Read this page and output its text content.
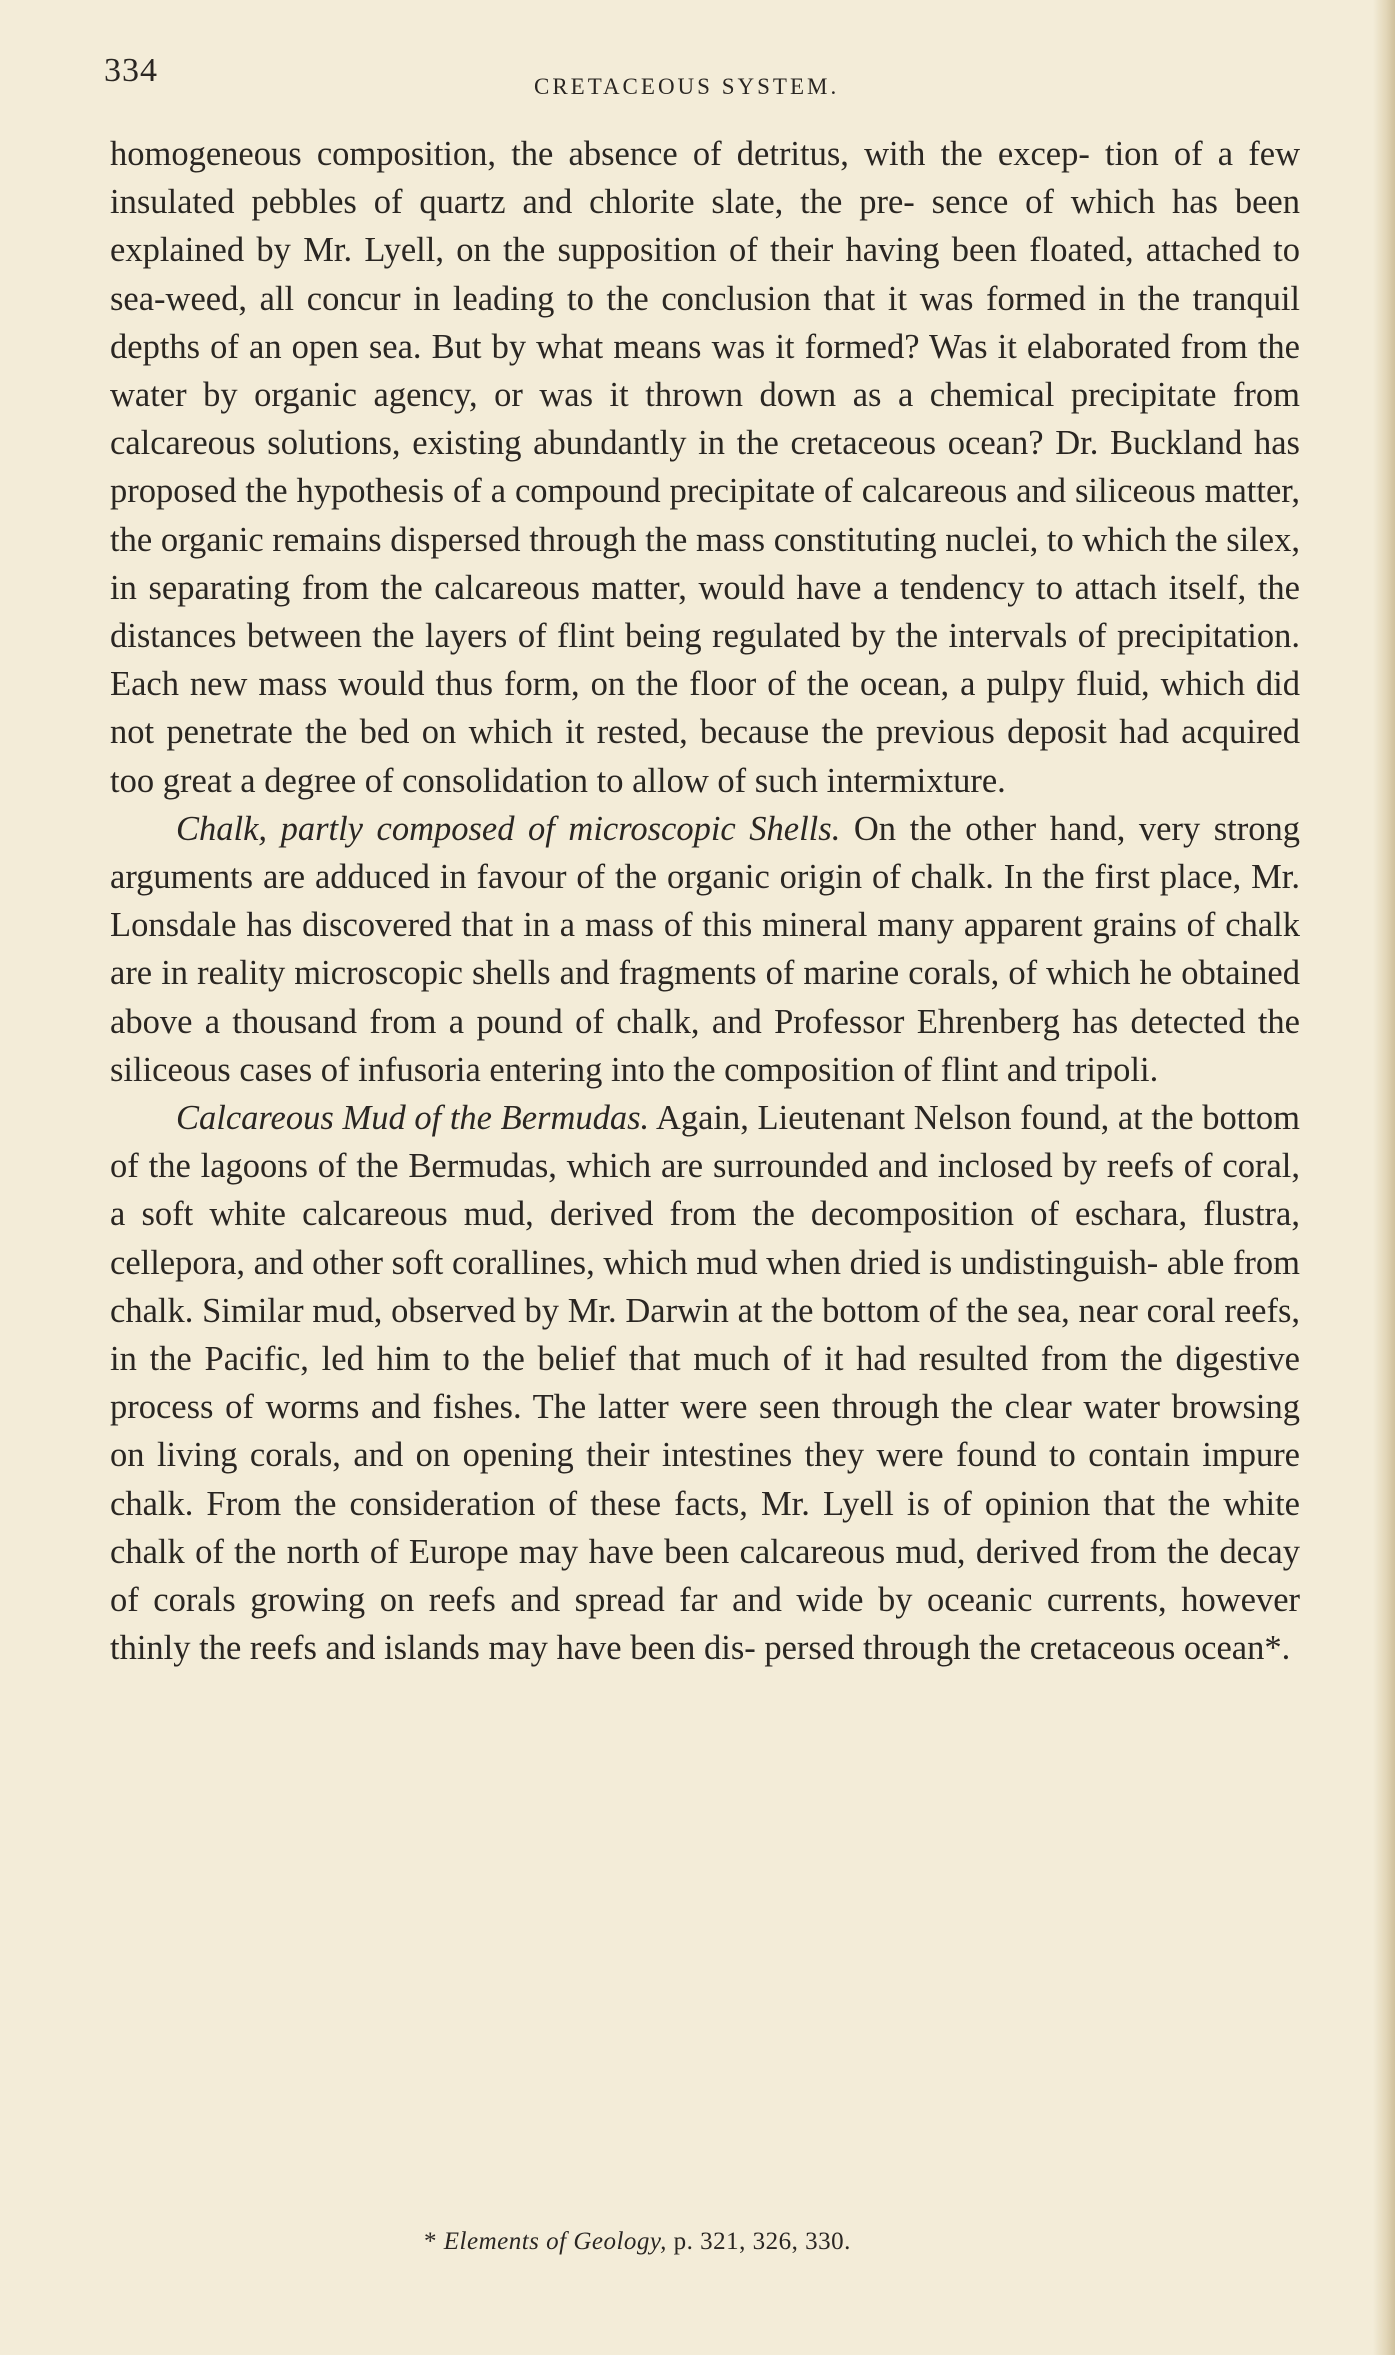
334	CRETACEOUS SYSTEM.

homogeneous composition, the absence of detritus, with the excep- tion of a few insulated pebbles of quartz and chlorite slate, the pre- sence of which has been explained by Mr. Lyell, on the supposition of their having been floated, attached to sea-weed, all concur in leading to the conclusion that it was formed in the tranquil depths of an open sea. But by what means was it formed? Was it elaborated from the water by organic agency, or was it thrown down as a chemical precipitate from calcareous solutions, existing abundantly in the cretaceous ocean? Dr. Buckland has proposed the hypothesis of a compound precipitate of calcareous and siliceous matter, the organic remains dispersed through the mass constituting nuclei, to which the silex, in separating from the calcareous matter, would have a tendency to attach itself, the distances between the layers of flint being regulated by the intervals of precipitation. Each new mass would thus form, on the floor of the ocean, a pulpy fluid, which did not penetrate the bed on which it rested, because the previous deposit had acquired too great a degree of consolidation to allow of such intermixture.

Chalk, partly composed of microscopic Shells. On the other hand, very strong arguments are adduced in favour of the organic origin of chalk. In the first place, Mr. Lonsdale has discovered that in a mass of this mineral many apparent grains of chalk are in reality microscopic shells and fragments of marine corals, of which he obtained above a thousand from a pound of chalk, and Professor Ehrenberg has detected the siliceous cases of infusoria entering into the composition of flint and tripoli.

Calcareous Mud of the Bermudas. Again, Lieutenant Nelson found, at the bottom of the lagoons of the Bermudas, which are surrounded and inclosed by reefs of coral, a soft white calcareous mud, derived from the decomposition of eschara, flustra, cellepora, and other soft corallines, which mud when dried is undistinguish- able from chalk. Similar mud, observed by Mr. Darwin at the bottom of the sea, near coral reefs, in the Pacific, led him to the belief that much of it had resulted from the digestive process of worms and fishes. The latter were seen through the clear water browsing on living corals, and on opening their intestines they were found to contain impure chalk. From the consideration of these facts, Mr. Lyell is of opinion that the white chalk of the north of Europe may have been calcareous mud, derived from the decay of corals growing on reefs and spread far and wide by oceanic currents, however thinly the reefs and islands may have been dis- persed through the cretaceous ocean*.

* Elements of Geology, p. 321, 326, 330.
